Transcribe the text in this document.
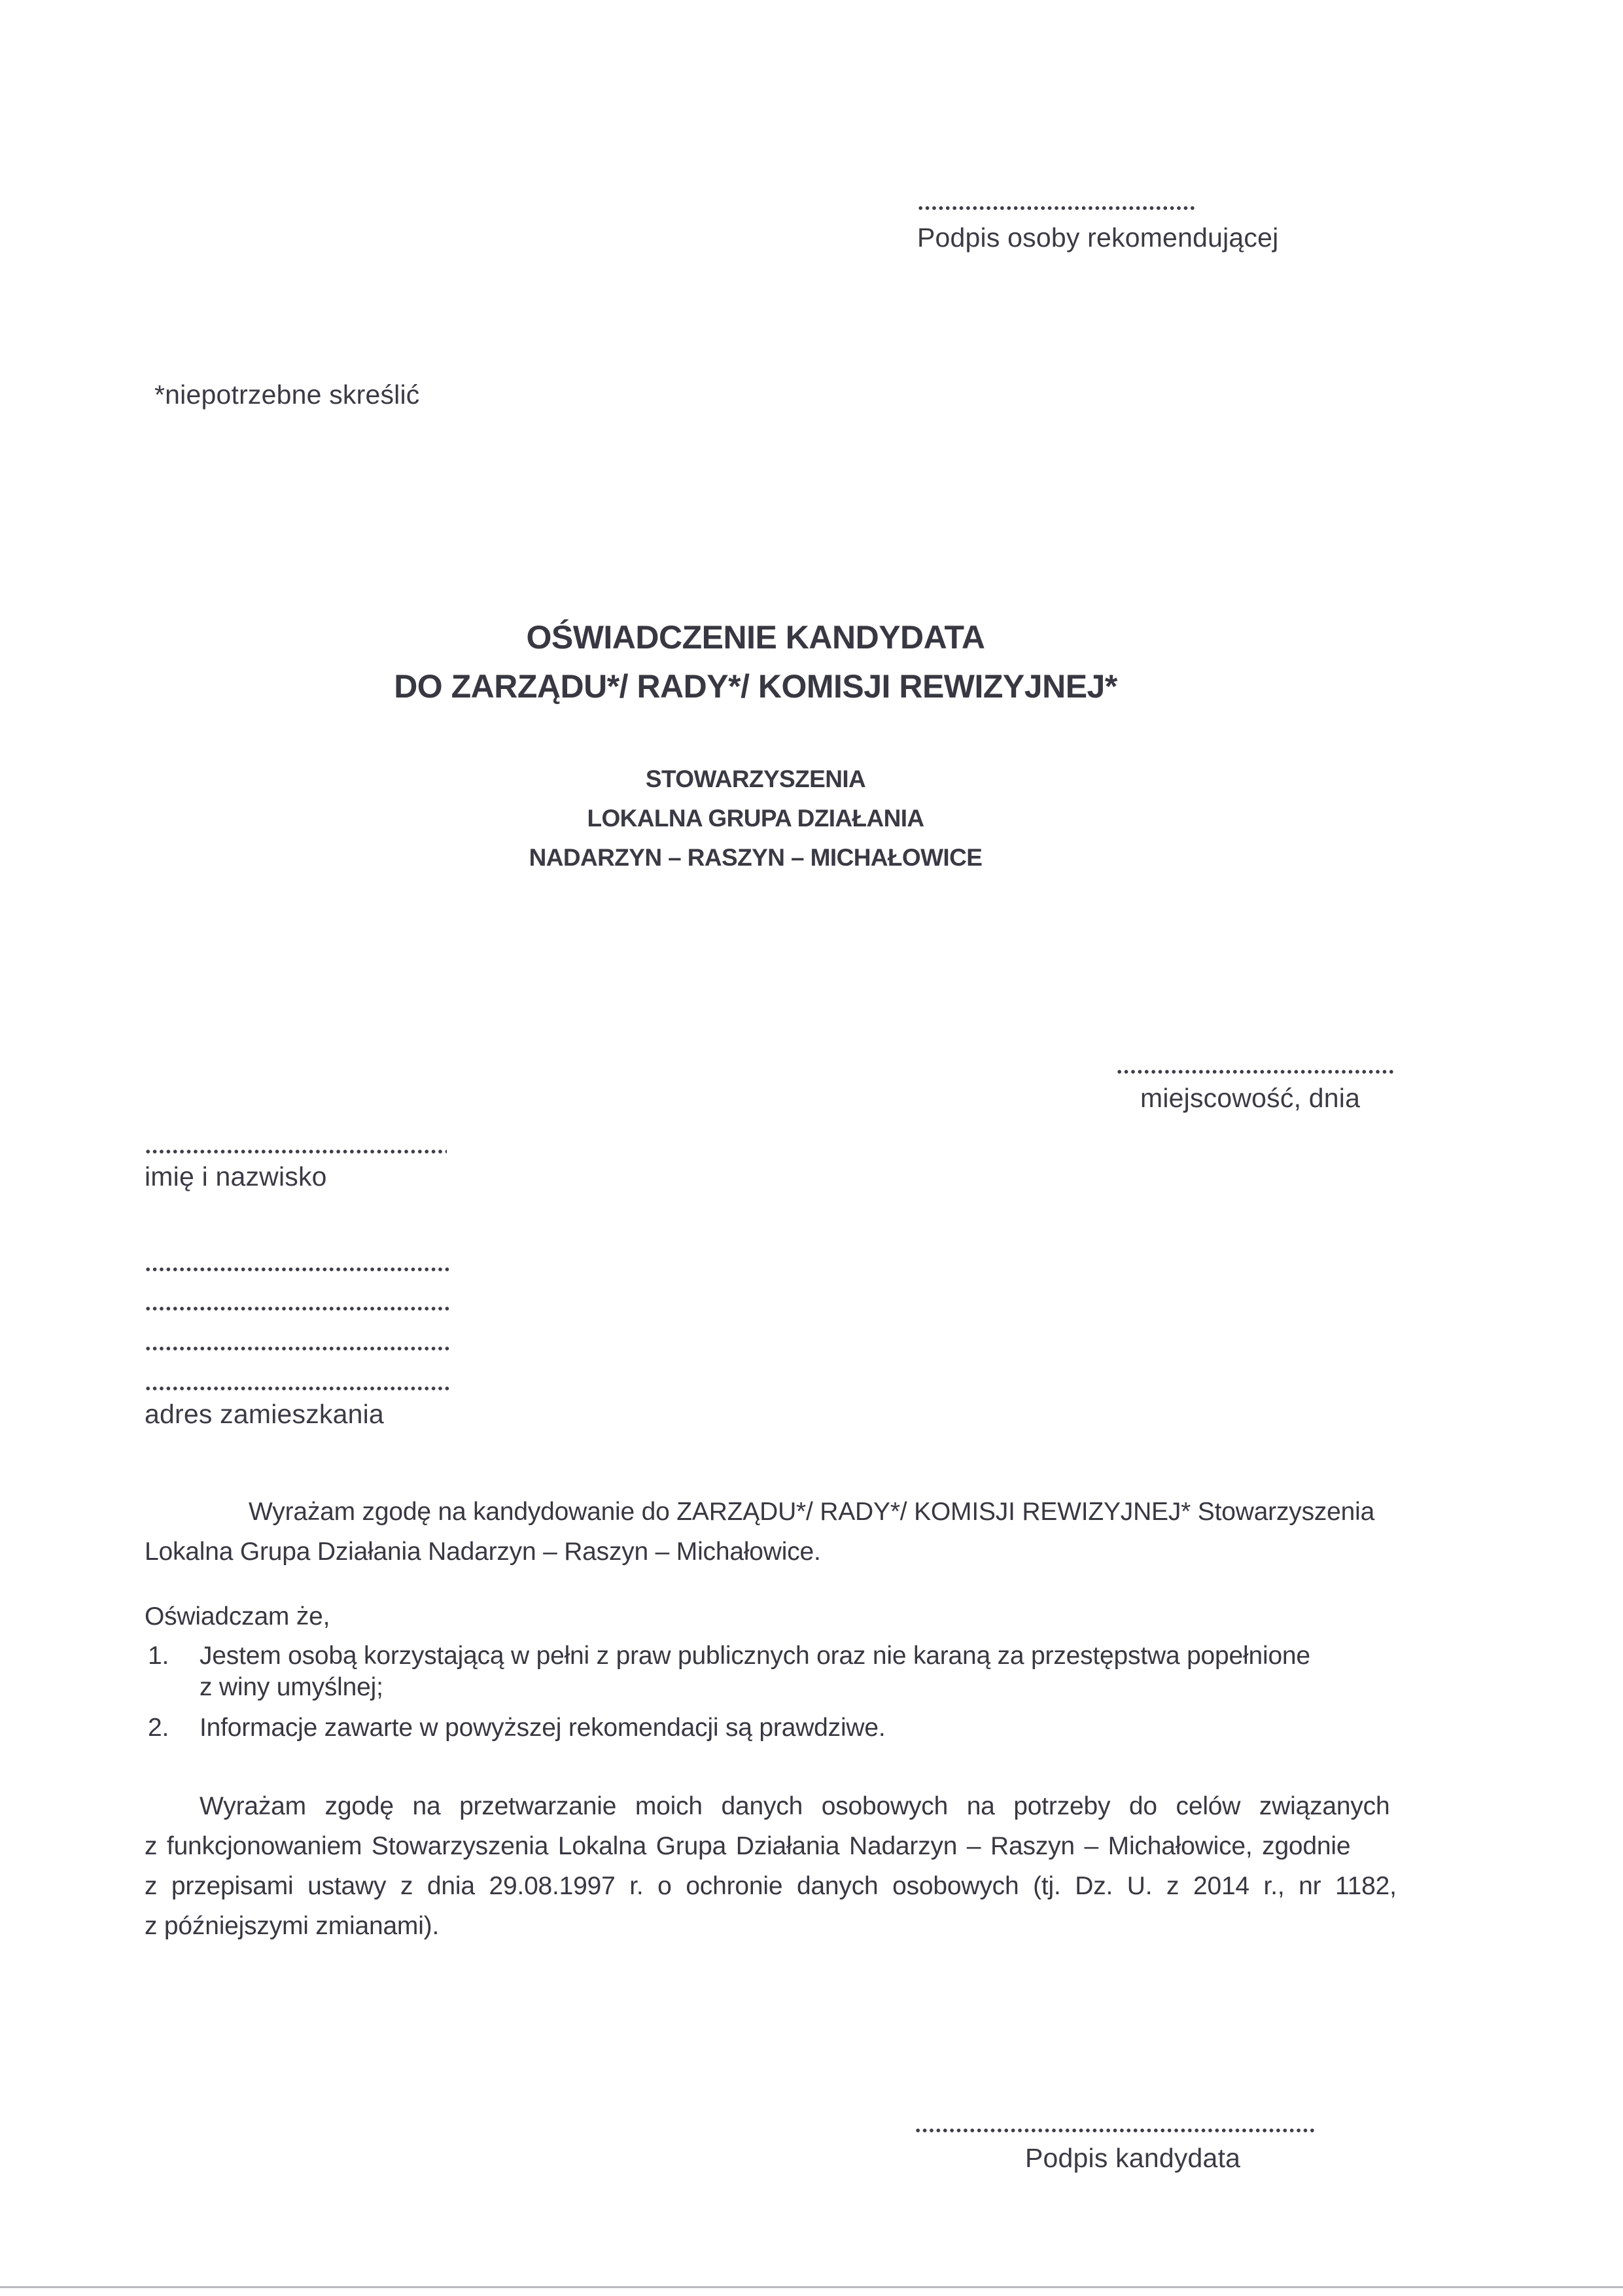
Podpis osoby rekomendującej
*niepotrzebne skreślić
OŚWIADCZENIE KANDYDATA
DO ZARZĄDU*/ RADY*/ KOMISJI REWIZYJNEJ*
STOWARZYSZENIA
LOKALNA GRUPA DZIAŁANIA
NADARZYN – RASZYN – MICHAŁOWICE
miejscowość, dnia
imię i nazwisko
adres zamieszkania
Wyrażam zgodę na kandydowanie do ZARZĄDU*/ RADY*/ KOMISJI REWIZYJNEJ* Stowarzyszenia
Lokalna Grupa Działania Nadarzyn – Raszyn – Michałowice.
Oświadczam że,
1. Jestem osobą korzystającą w pełni z praw publicznych oraz nie karaną za przestępstwa popełnione
z winy umyślnej;
2. Informacje zawarte w powyższej rekomendacji są prawdziwe.
Wyrażam zgodę na przetwarzanie moich danych osobowych na potrzeby do celów związanych
z funkcjonowaniem Stowarzyszenia Lokalna Grupa Działania Nadarzyn – Raszyn – Michałowice, zgodnie
z przepisami ustawy z dnia 29.08.1997 r. o ochronie danych osobowych (tj. Dz. U. z 2014 r., nr 1182,
z późniejszymi zmianami).
Podpis kandydata
